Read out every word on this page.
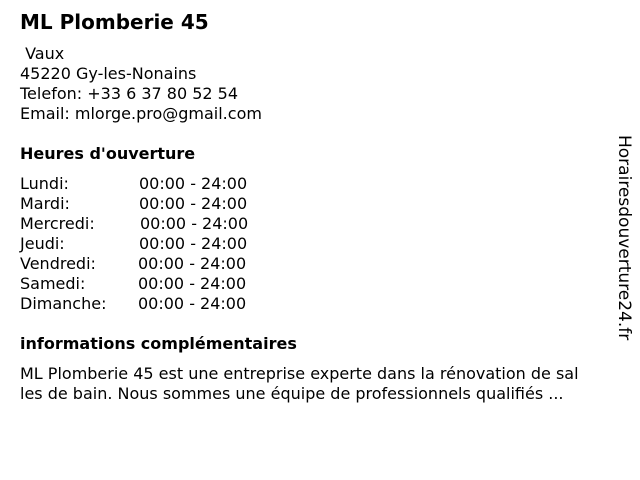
ML Plomberie 45
Vaux
45220 Gy-les-Nonains
Telefon: +33 6 37 80 52 54
Email: mlorge.pro@gmail.com
Heures d'ouverture
Lundi:	00:00 - 24:00
Mardi:	00:00 - 24:00
Mercredi:	00:00 - 24:00
Jeudi:	00:00 - 24:00
Vendredi:	00:00 - 24:00
Samedi:	00:00 - 24:00
Dimanche: 00:00 - 24:00
informations complémentaires
ML Plomberie 45 est une entreprise experte dans la rénovation de sal
les de bain. Nous sommes une équipe de professionnels qualifiés ...
Horairesdouverture24.fr
